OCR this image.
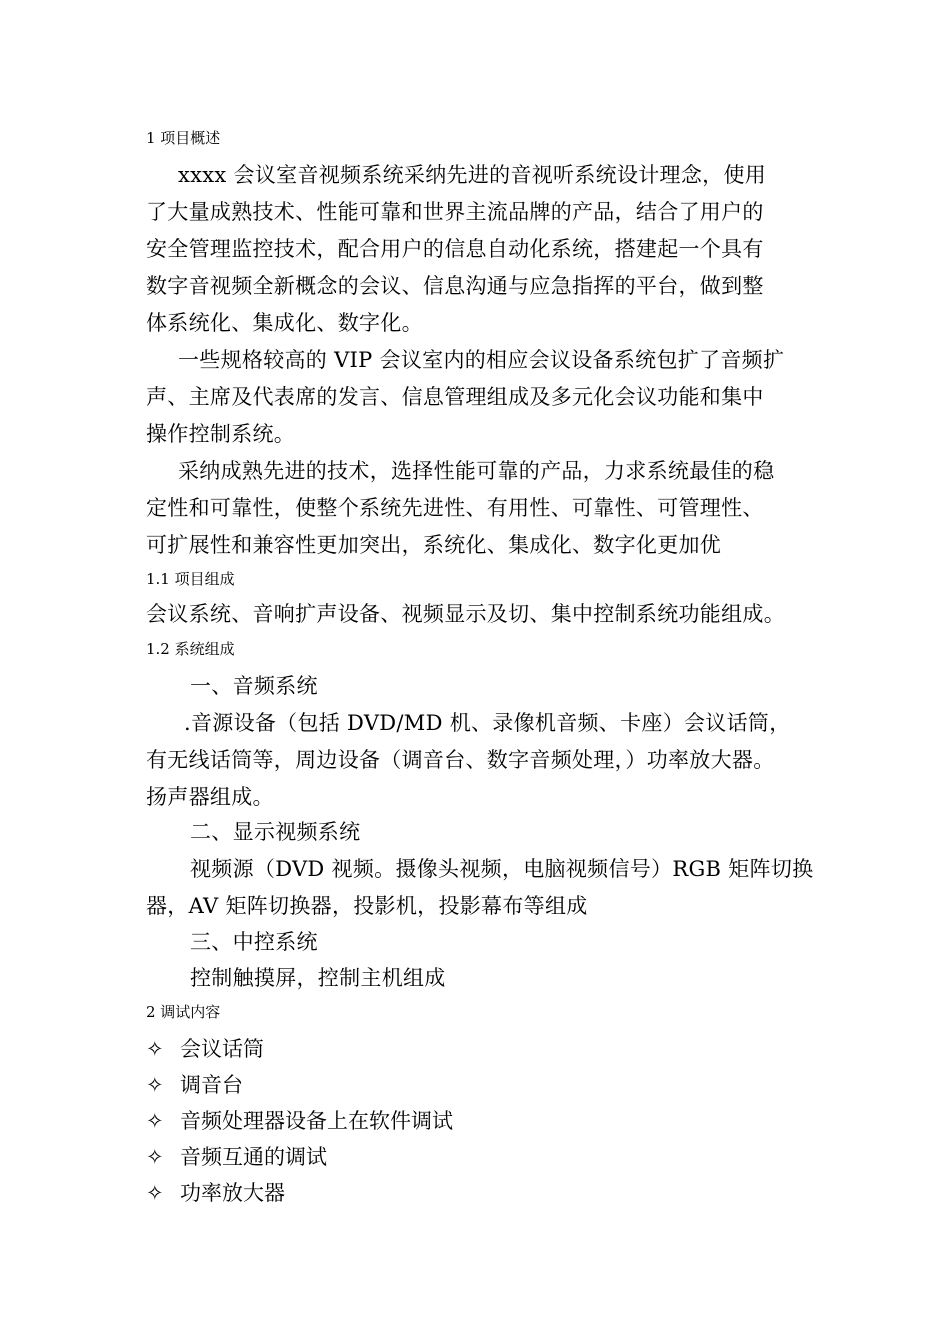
1 项目概述
xxxx 会议室音视频系统采纳先进的音视听系统设计理念，使用
了大量成熟技术、性能可靠和世界主流品牌的产品，结合了用户的
安全管理监控技术，配合用户的信息自动化系统，搭建起一个具有
数字音视频全新概念的会议、信息沟通与应急指挥的平台，做到整
体系统化、集成化、数字化。
一些规格较高的 VIP 会议室内的相应会议设备系统包扩了音频扩
声、主席及代表席的发言、信息管理组成及多元化会议功能和集中
操作控制系统。
采纳成熟先进的技术，选择性能可靠的产品，力求系统最佳的稳
定性和可靠性，使整个系统先进性、有用性、可靠性、可管理性、
可扩展性和兼容性更加突出，系统化、集成化、数字化更加优
1.1 项目组成
会议系统、音响扩声设备、视频显示及切、集中控制系统功能组成。
1.2 系统组成
一、音频系统
.音源设备（包括 DVD/MD 机、录像机音频、卡座）会议话筒，
有无线话筒等，周边设备（调音台、数字音频处理，）功率放大器。
扬声器组成。
二、显示视频系统
视频源（DVD 视频。摄像头视频，电脑视频信号）RGB 矩阵切换
器，AV 矩阵切换器，投影机，投影幕布等组成
三、中控系统
控制触摸屏，控制主机组成
2 调试内容
✧ 会议话筒
✧ 调音台
✧ 音频处理器设备上在软件调试
✧ 音频互通的调试
✧ 功率放大器
